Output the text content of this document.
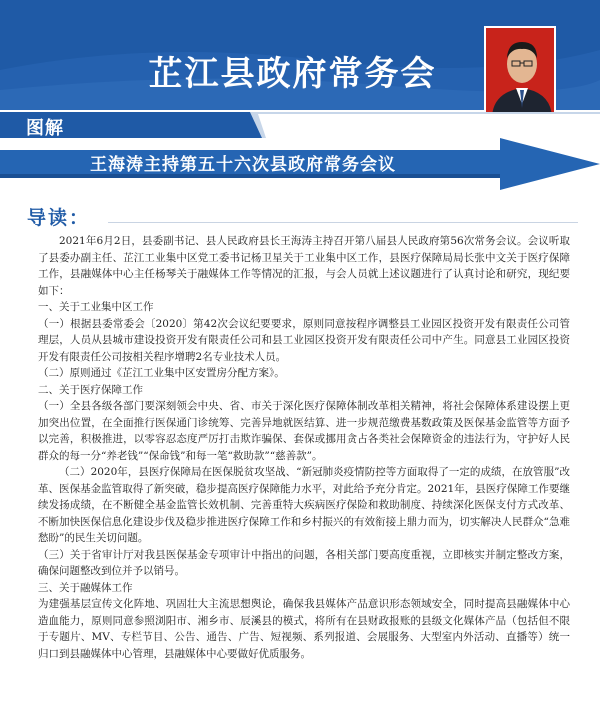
芷江县政府常务会
图解
王海涛主持第五十六次县政府常务会议
导读：

2021年6月2日，县委副书记、县人民政府县长王海涛主持召开第八届县人民政府第56次常务会议。会议听取了县委办副主任、芷江工业集中区党工委书记杨卫星关于工业集中区工作，县医疗保障局局长张中文关于医疗保障工作，县融媒体中心主任杨琴关于融媒体工作等情况的汇报，与会人员就上述议题进行了认真讨论和研究，现纪要如下：

一、关于工业集中区工作

（一）根据县委常委会〔2020〕第42次会议纪要要求，原则同意按程序调整县工业园区投资开发有限责任公司管理层，人员从县城市建设投资开发有限责任公司和县工业园区投资开发有限责任公司中产生。同意县工业园区投资开发有限责任公司按相关程序增聘2名专业技术人员。

（二）原则通过《芷江工业集中区安置房分配方案》。

二、关于医疗保障工作

（一）全县各级各部门要深刻领会中央、省、市关于深化医疗保障体制改革相关精神，将社会保障体系建设摆上更加突出位置，在全面推行医保通门诊统筹、完善异地就医结算、进一步规范缴费基数政策及医保基金监管等方面予以完善，积极推进，以零容忍态度严厉打击欺诈骗保、套保或挪用贪占各类社会保障资金的违法行为，守护好人民群众的每一分“养老钱”“保命钱”和每一笔“救助款”“慈善款”。

（二）2020年，县医疗保障局在医保脱贫攻坚战、“新冠肺炎疫情防控等方面取得了一定的成绩，在放管服”改革、医保基金监管取得了新突破，稳步提高医疗保障能力水平，对此给予充分肯定。2021年，县医疗保障工作要继续发扬成绩，在不断健全基金监管长效机制、完善重特大疾病医疗保险和救助制度、持续深化医保支付方式改革、不断加快医保信息化建设步伐及稳步推进医疗保障工作和乡村振兴的有效衔接上鼎力而为，切实解决人民群众“急难愁盼”的民生关切问题。

（三）关于省审计厅对我县医保基金专项审计中指出的问题，各相关部门要高度重视，立即核实并制定整改方案，确保问题整改到位并予以销号。

三、关于融媒体工作

为建强基层宣传文化阵地、巩固壮大主流思想舆论，确保我县媒体产品意识形态领域安全，同时提高县融媒体中心造血能力，原则同意参照浏阳市、湘乡市、辰溪县的模式，将所有在县财政报账的县级文化媒体产品（包括但不限于专题片、MV、专栏节目、公告、通告、广告、短视频、系列报道、会展服务、大型室内外活动、直播等）统一归口到县融媒体中心管理，县融媒体中心要做好优质服务。
